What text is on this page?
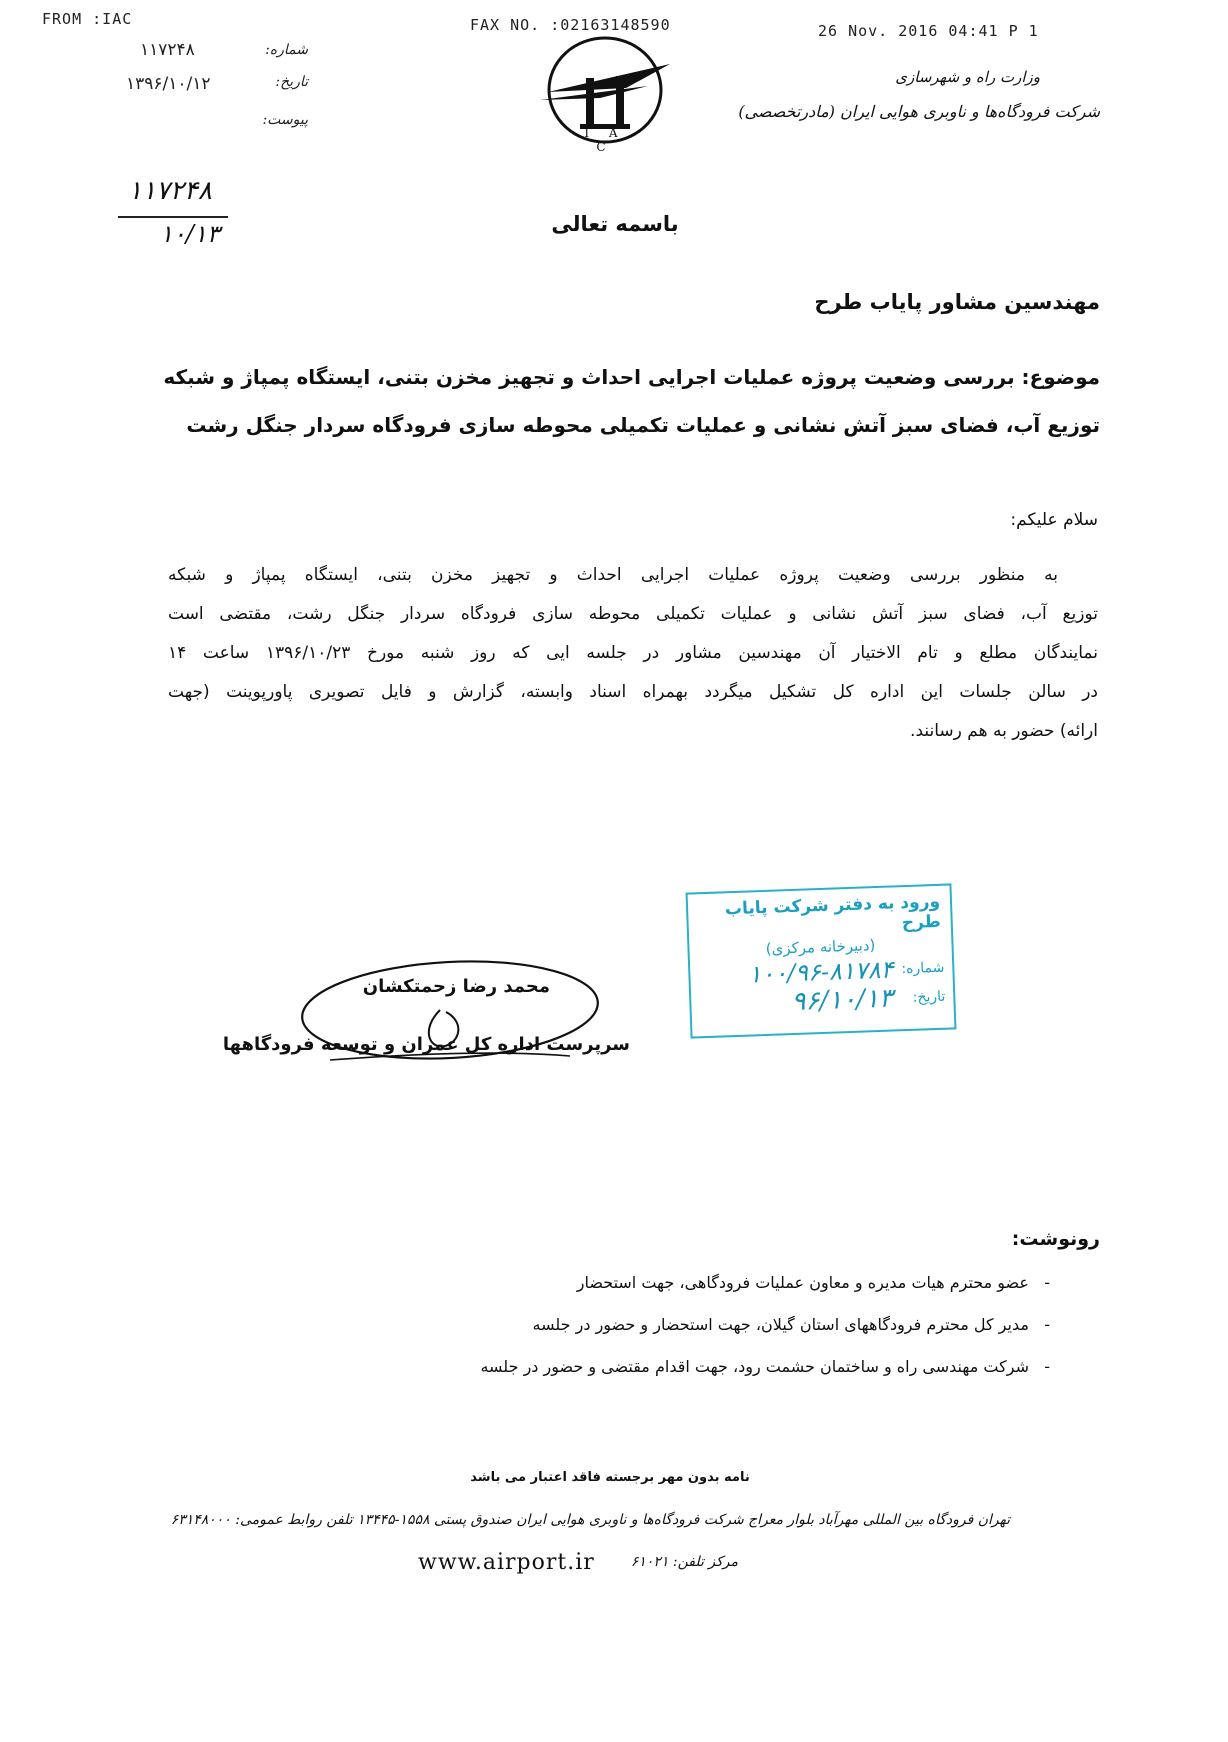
FROM :IAC	FAX NO. :02163148590	26 Nov. 2016 04:41 P 1
شماره:
۱۱۷۲۴۸
تاریخ:
۱۳۹۶/۱۰/۱۲
پیوست:
I A C
وزارت راه و شهرسازی
شرکت فرودگاه‌ها و ناوبری هوایی ایران (مادرتخصصی)
۱۱۷۲۴۸
۱۰/۱۳	باسمه تعالی
مهندسین مشاور پایاب طرح
موضوع: بررسی وضعیت پروژه عملیات اجرایی احداث و تجهیز مخزن بتنی، ایستگاه پمپاژ و شبکه
توزیع آب، فضای سبز آتش نشانی و عملیات تکمیلی محوطه سازی فرودگاه سردار جنگل رشت
سلام علیکم:
به منظور بررسی وضعیت پروژه عملیات اجرایی احداث و تجهیز مخزن بتنی، ایستگاه پمپاژ و شبکه
توزیع آب، فضای سبز آتش نشانی و عملیات تکمیلی محوطه سازی فرودگاه سردار جنگل رشت، مقتضی است
نمایندگان مطلع و تام الاختیار آن مهندسین مشاور در جلسه ایی که روز شنبه مورخ ۱۳۹۶/۱۰/۲۳ ساعت ۱۴
در سالن جلسات این اداره کل تشکیل میگردد بهمراه اسناد وابسته، گزارش و فایل تصویری پاورپوینت (جهت
ارائه) حضور به هم رسانند.
ورود به دفتر شرکت پایاب طرح
(دبیرخانه مرکزی)
شماره:
۱۰۰/۹۶-۸۱۷۸۴
تاریخ:
۹۶/۱۰/۱۳
محمد رضا زحمتکشان
سرپرست اداره کل عمران و توسعه فرودگاهها
رونوشت:
-   عضو محترم هیات مدیره و معاون عملیات فرودگاهی، جهت استحضار
-   مدیر کل محترم فرودگاههای استان گیلان، جهت استحضار و حضور در جلسه
-   شرکت مهندسی راه و ساختمان حشمت رود، جهت اقدام مقتضی و حضور در جلسه
نامه بدون مهر برجسته فاقد اعتبار می باشد
تهران فرودگاه بین المللی مهرآباد بلوار معراج شرکت فرودگاه‌ها و ناوبری هوایی ایران صندوق پستی ۱۵۵۸-۱۳۴۴۵ تلفن روابط عمومی: ۶۳۱۴۸۰۰۰
مرکز تلفن: ۶۱۰۲۱
www.airport.ir
